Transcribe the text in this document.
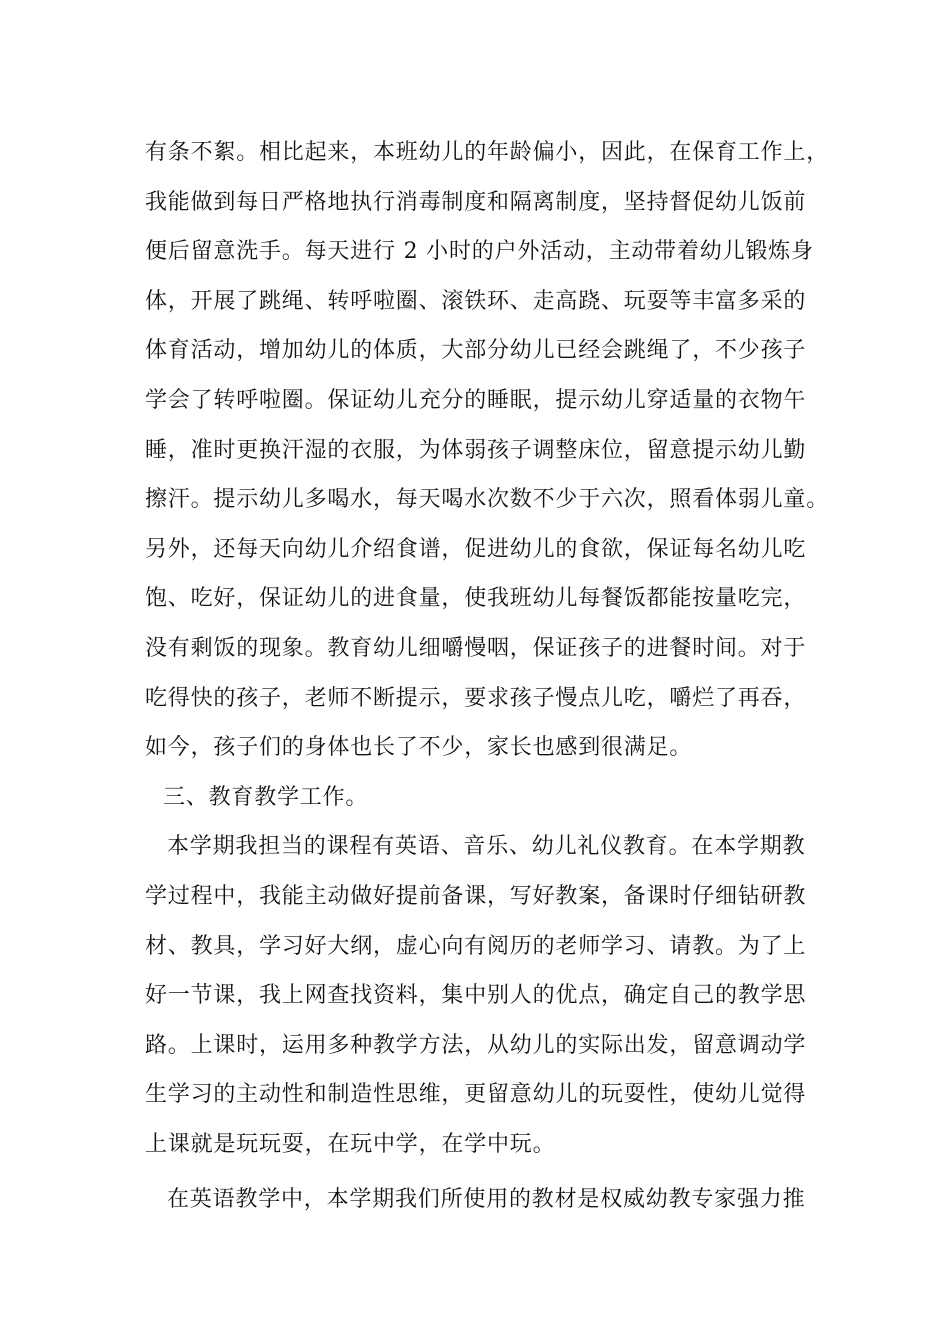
有条不絮。相比起来，本班幼儿的年龄偏小，因此，在保育工作上，
我能做到每日严格地执行消毒制度和隔离制度，坚持督促幼儿饭前
便后留意洗手。每天进行 2 小时的户外活动，主动带着幼儿锻炼身
体，开展了跳绳、转呼啦圈、滚铁环、走高跷、玩耍等丰富多采的
体育活动，增加幼儿的体质，大部分幼儿已经会跳绳了，不少孩子
学会了转呼啦圈。保证幼儿充分的睡眠，提示幼儿穿适量的衣物午
睡，准时更换汗湿的衣服，为体弱孩子调整床位，留意提示幼儿勤
擦汗。提示幼儿多喝水，每天喝水次数不少于六次，照看体弱儿童。
另外，还每天向幼儿介绍食谱，促进幼儿的食欲，保证每名幼儿吃
饱、吃好，保证幼儿的进食量，使我班幼儿每餐饭都能按量吃完，
没有剩饭的现象。教育幼儿细嚼慢咽，保证孩子的进餐时间。对于
吃得快的孩子，老师不断提示，要求孩子慢点儿吃，嚼烂了再吞，
如今，孩子们的身体也长了不少，家长也感到很满足。
三、教育教学工作。
本学期我担当的课程有英语、音乐、幼儿礼仪教育。在本学期教
学过程中，我能主动做好提前备课，写好教案，备课时仔细钻研教
材、教具，学习好大纲，虚心向有阅历的老师学习、请教。为了上
好一节课，我上网查找资料，集中别人的优点，确定自己的教学思
路。上课时，运用多种教学方法，从幼儿的实际出发，留意调动学
生学习的主动性和制造性思维，更留意幼儿的玩耍性，使幼儿觉得
上课就是玩玩耍，在玩中学，在学中玩。
在英语教学中，本学期我们所使用的教材是权威幼教专家强力推
